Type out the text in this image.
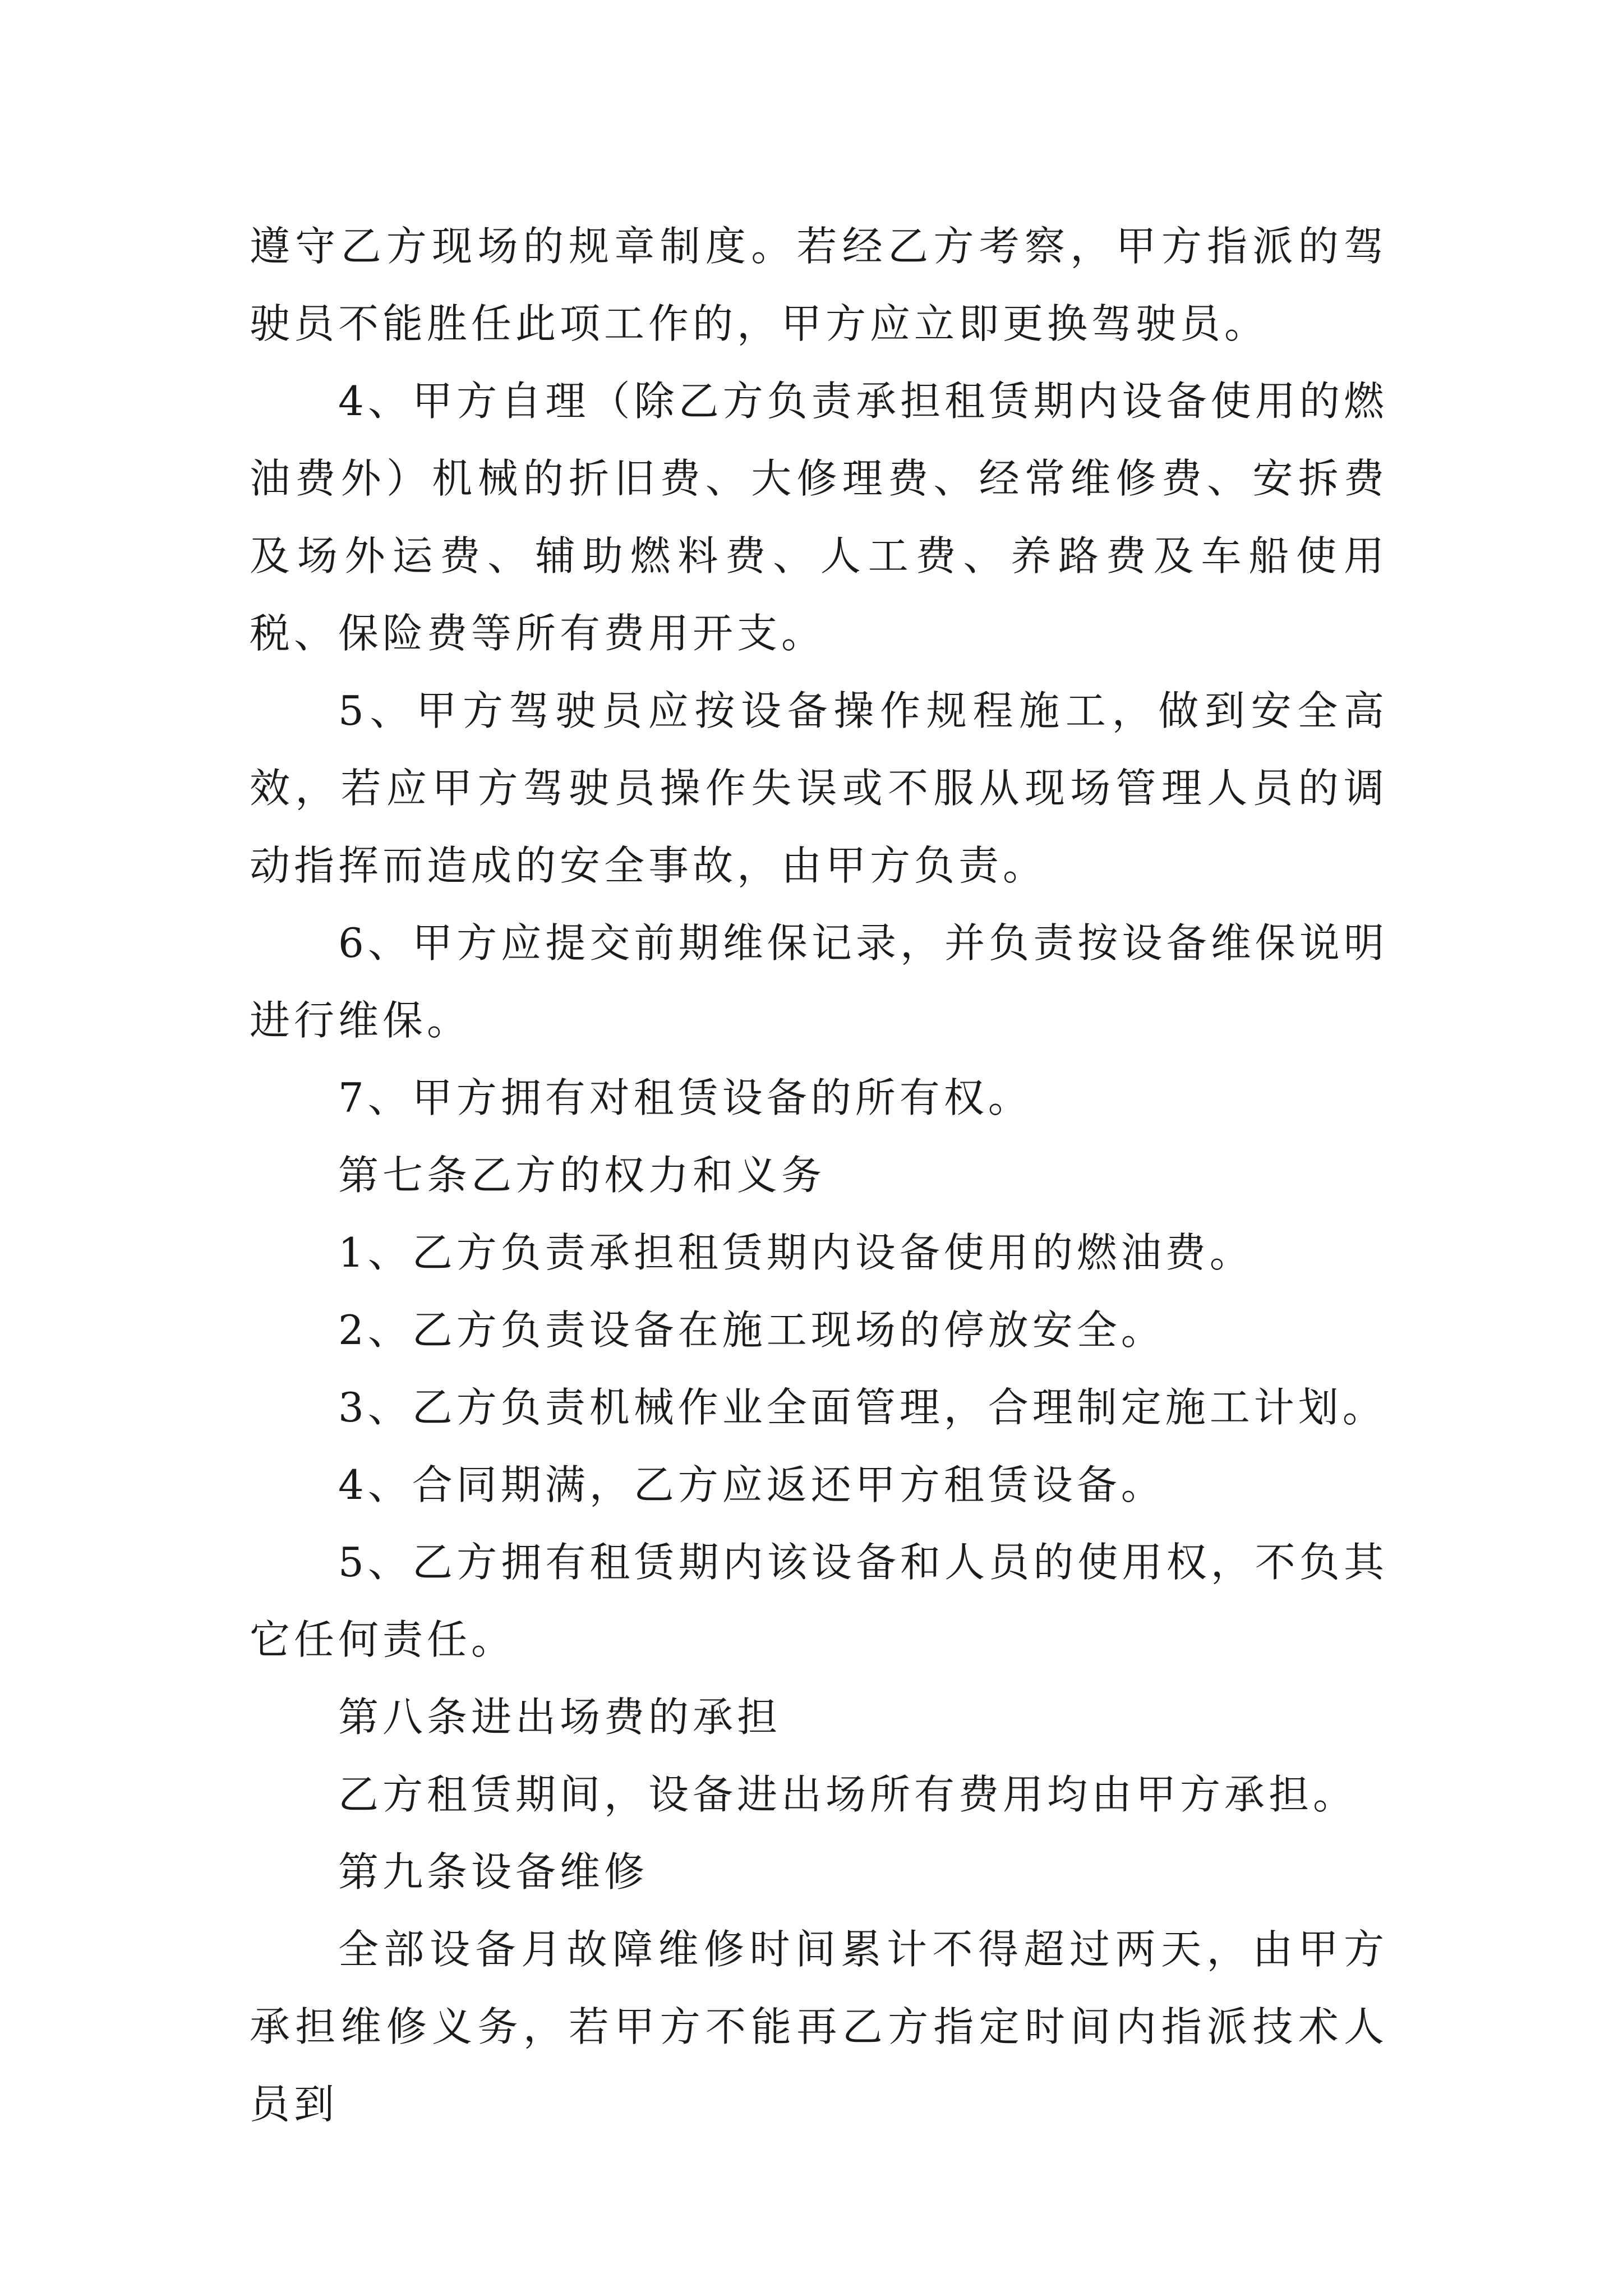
遵守乙方现场的规章制度。若经乙方考察，甲方指派的驾驶员不能胜任此项工作的，甲方应立即更换驾驶员。

4、甲方自理（除乙方负责承担租赁期内设备使用的燃油费外）机械的折旧费、大修理费、经常维修费、安拆费及场外运费、辅助燃料费、人工费、养路费及车船使用税、保险费等所有费用开支。

5、甲方驾驶员应按设备操作规程施工，做到安全高效，若应甲方驾驶员操作失误或不服从现场管理人员的调动指挥而造成的安全事故，由甲方负责。

6、甲方应提交前期维保记录，并负责按设备维保说明进行维保。

7、甲方拥有对租赁设备的所有权。

第七条乙方的权力和义务

1、乙方负责承担租赁期内设备使用的燃油费。

2、乙方负责设备在施工现场的停放安全。

3、乙方负责机械作业全面管理，合理制定施工计划。

4、合同期满，乙方应返还甲方租赁设备。

5、乙方拥有租赁期内该设备和人员的使用权，不负其它任何责任。

第八条进出场费的承担

乙方租赁期间，设备进出场所有费用均由甲方承担。

第九条设备维修

全部设备月故障维修时间累计不得超过两天，由甲方承担维修义务，若甲方不能再乙方指定时间内指派技术人员到
